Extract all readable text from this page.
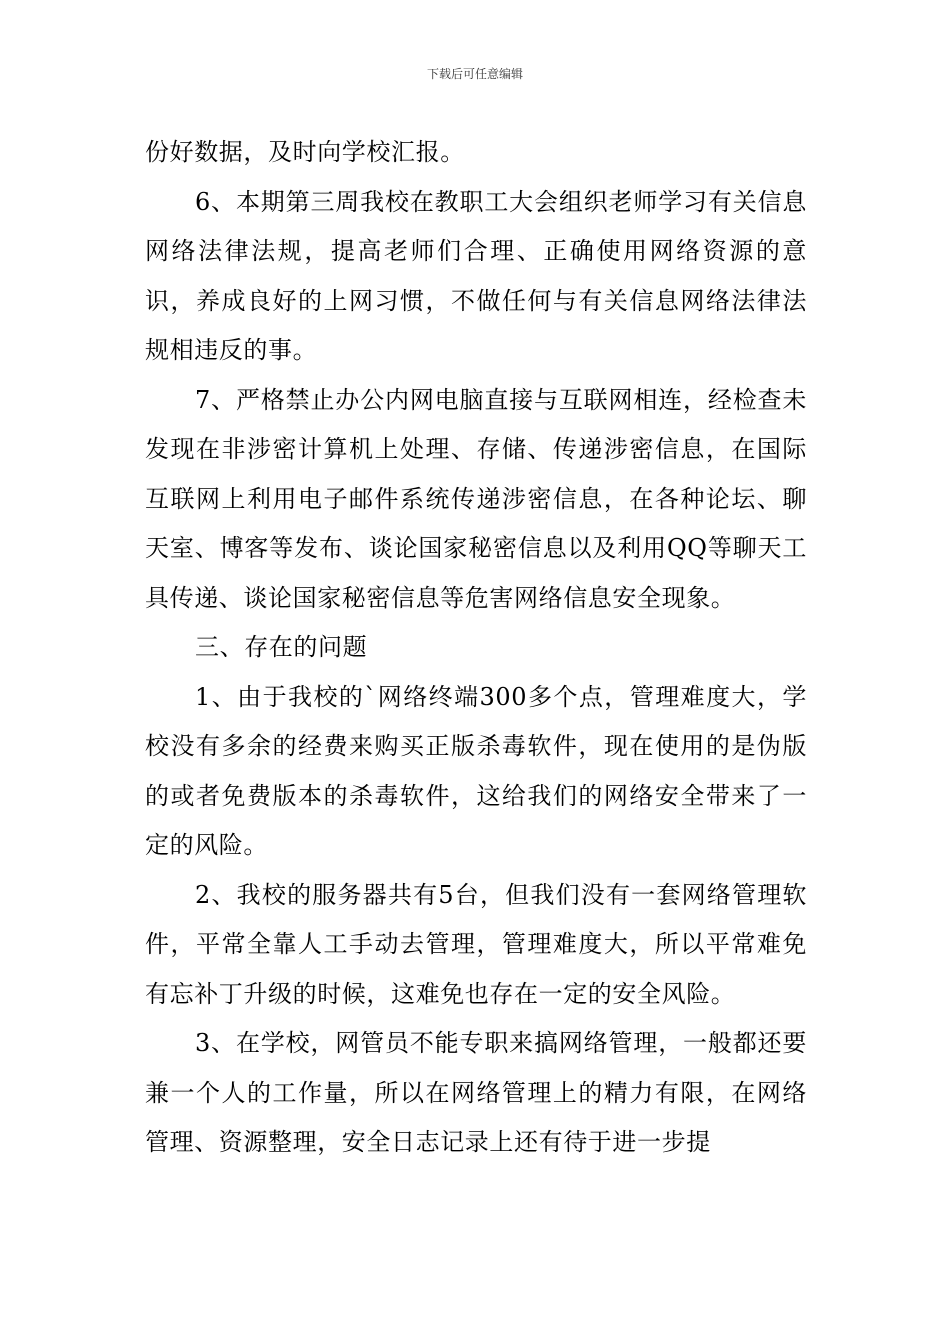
下载后可任意编辑

份好数据，及时向学校汇报。

6、本期第三周我校在教职工大会组织老师学习有关信息网络法律法规，提高老师们合理、正确使用网络资源的意识，养成良好的上网习惯，不做任何与有关信息网络法律法规相违反的事。

7、严格禁止办公内网电脑直接与互联网相连，经检查未发现在非涉密计算机上处理、存储、传递涉密信息，在国际互联网上利用电子邮件系统传递涉密信息，在各种论坛、聊天室、博客等发布、谈论国家秘密信息以及利用QQ等聊天工具传递、谈论国家秘密信息等危害网络信息安全现象。

三、存在的问题

1、由于我校的`网络终端300多个点，管理难度大，学校没有多余的经费来购买正版杀毒软件，现在使用的是伪版的或者免费版本的杀毒软件，这给我们的网络安全带来了一定的风险。

2、我校的服务器共有5台，但我们没有一套网络管理软件，平常全靠人工手动去管理，管理难度大，所以平常难免有忘补丁升级的时候，这难免也存在一定的安全风险。

3、在学校，网管员不能专职来搞网络管理，一般都还要兼一个人的工作量，所以在网络管理上的精力有限，在网络管理、资源整理，安全日志记录上还有待于进一步提
